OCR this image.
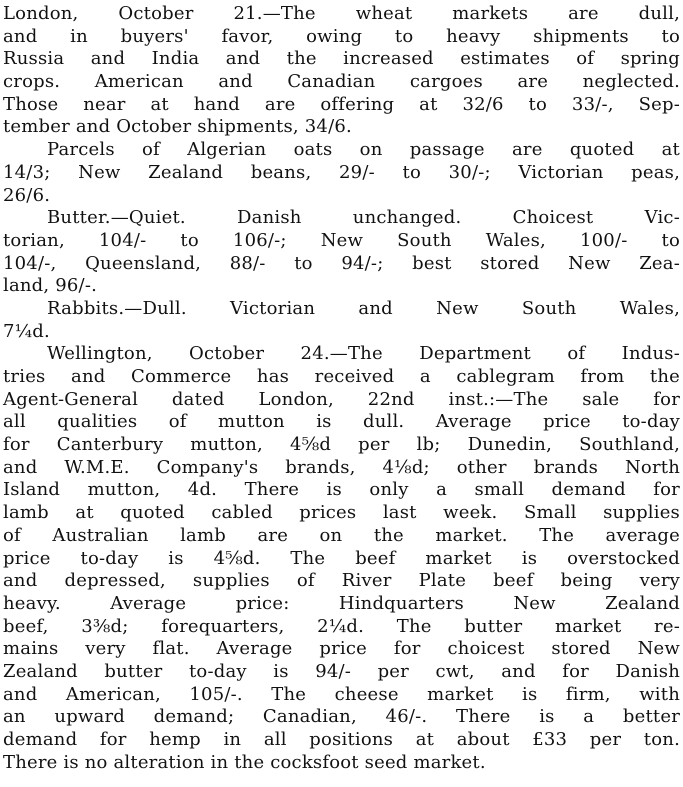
London, October 21.—The wheat markets are dull,
and in buyers' favor, owing to heavy shipments to
Russia and India and the increased estimates of spring
crops. American and Canadian cargoes are neglected.
Those near at hand are offering at 32/6 to 33/-, Sep-
tember and October shipments, 34/6.
Parcels of Algerian oats on passage are quoted at
14/3; New Zealand beans, 29/- to 30/-; Victorian peas,
26/6.
Butter.—Quiet. Danish unchanged. Choicest Vic-
torian, 104/- to 106/-; New South Wales, 100/- to
104/-, Queensland, 88/- to 94/-; best stored New Zea-
land, 96/-.
Rabbits.—Dull. Victorian and New South Wales,
7¼d.
Wellington, October 24.—The Department of Indus-
tries and Commerce has received a cablegram from the
Agent-General dated London, 22nd inst.:—The sale for
all qualities of mutton is dull. Average price to-day
for Canterbury mutton, 4⅝d per lb; Dunedin, Southland,
and W.M.E. Company's brands, 4⅛d; other brands North
Island mutton, 4d. There is only a small demand for
lamb at quoted cabled prices last week. Small supplies
of Australian lamb are on the market. The average
price to-day is 4⅝d. The beef market is overstocked
and depressed, supplies of River Plate beef being very
heavy. Average price: Hindquarters New Zealand
beef, 3⅜d; forequarters, 2¼d. The butter market re-
mains very flat. Average price for choicest stored New
Zealand butter to-day is 94/- per cwt, and for Danish
and American, 105/-. The cheese market is firm, with
an upward demand; Canadian, 46/-. There is a better
demand for hemp in all positions at about £33 per ton.
There is no alteration in the cocksfoot seed market.
